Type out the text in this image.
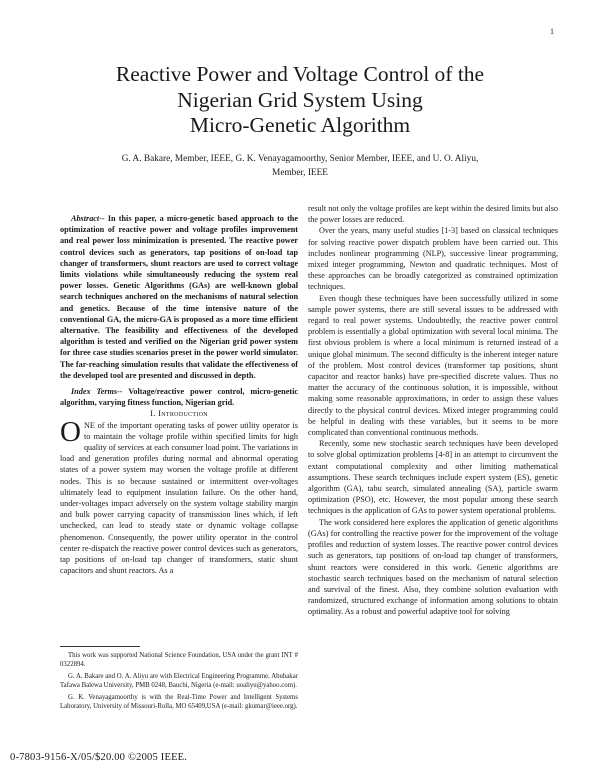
1
Reactive Power and Voltage Control of the
Nigerian Grid System Using
Micro-Genetic Algorithm
G. A. Bakare, Member, IEEE, G. K. Venayagamoorthy, Senior Member, IEEE, and U. O. Aliyu,
Member, IEEE

Abstract-- In this paper, a micro-genetic based approach to the optimization of reactive power and voltage profiles improvement and real power loss minimization is presented. The reactive power control devices such as generators, tap positions of on-load tap changer of transformers, shunt reactors are used to correct voltage limits violations while simultaneously reducing the system real power losses. Genetic Algorithms (GAs) are well-known global search techniques anchored on the mechanisms of natural selection and genetics. Because of the time intensive nature of the conventional GA, the micro-GA is proposed as a more time efficient alternative. The feasibility and effectiveness of the developed algorithm is tested and verified on the Nigerian grid power system for three case studies scenarios preset in the power world simulator. The far-reaching simulation results that validate the effectiveness of the developed tool are presented and discussed in depth.

Index Terms-- Voltage/reactive power control, micro-genetic algorithm, varying fitness function, Nigerian grid.

I. Introduction

ONE of the important operating tasks of power utility operator is to maintain the voltage profile within specified limits for high quality of services at each consumer load point. The variations in load and generation profiles during normal and abnormal operating states of a power system may worsen the voltage profile at different nodes. This is so because sustained or intermittent over-voltages ultimately lead to equipment insulation failure. On the other hand, under-voltages impact adversely on the system voltage stability margin and bulk power carrying capacity of transmission lines which, if left unchecked, can lead to steady state or dynamic voltage collapse phenomenon. Consequently, the power utility operator in the control center re-dispatch the reactive power control devices such as generators, tap positions of on-load tap changer of transformers, static shunt capacitors and shunt reactors. As a

This work was supported National Science Foundation, USA under the grant INT # 0322894.

G. A. Bakare and O. A. Aliyu are with Electrical Engineering Programme, Abubakar Tafawa Balewa University, PMB 0248, Bauchi, Nigeria (e-mail: uoaliyu@yahoo.com).

G. K. Venayagamoorthy is with the Real-Time Power and Intelligent Systems Laboratory, University of Missouri-Rolla, MO 65409,USA (e-mail: gkumar@ieee.org).

result not only the voltage profiles are kept within the desired limits but also the power losses are reduced.

Over the years, many useful studies [1-3] based on classical techniques for solving reactive power dispatch problem have been carried out. This includes nonlinear programming (NLP), successive linear programming, mixed integer programming, Newton and quadratic techniques. Most of these approaches can be broadly categorized as constrained optimization techniques.

Even though these techniques have been successfully utilized in some sample power systems, there are still several issues to be addressed with regard to real power systems. Undoubtedly, the reactive power control problem is essentially a global optimization with several local minima. The first obvious problem is where a local minimum is returned instead of a unique global minimum. The second difficulty is the inherent integer nature of the problem. Most control devices (transformer tap positions, shunt capacitor and reactor banks) have pre-specified discrete values. Thus no matter the accuracy of the continuous solution, it is impossible, without making some reasonable approximations, in order to assign these values directly to the physical control devices. Mixed integer programming could be helpful in dealing with these variables, but it seems to be more complicated than conventional continuous methods.

Recently, some new stochastic search techniques have been developed to solve global optimization problems [4-8] in an attempt to circumvent the extant computational complexity and other limiting mathematical assumptions. These search techniques include expert system (ES), genetic algorithm (GA), tabu search, simulated annealing (SA), particle swarm optimization (PSO), etc. However, the most popular among these search techniques is the application of GAs to power system operational problems.

The work considered here explores the application of genetic algorithms (GAs) for controlling the reactive power for the improvement of the voltage profiles and reduction of system losses. The reactive power control devices such as generators, tap positions of on-load tap changer of transformers, shunt reactors were considered in this work. Genetic algorithms are stochastic search techniques based on the mechanism of natural selection and survival of the finest. Also, they combine solution evaluation with randomized, structured exchange of information among solutions to obtain optimality. As a robust and powerful adaptive tool for solving

0-7803-9156-X/05/$20.00 ©2005 IEEE.
